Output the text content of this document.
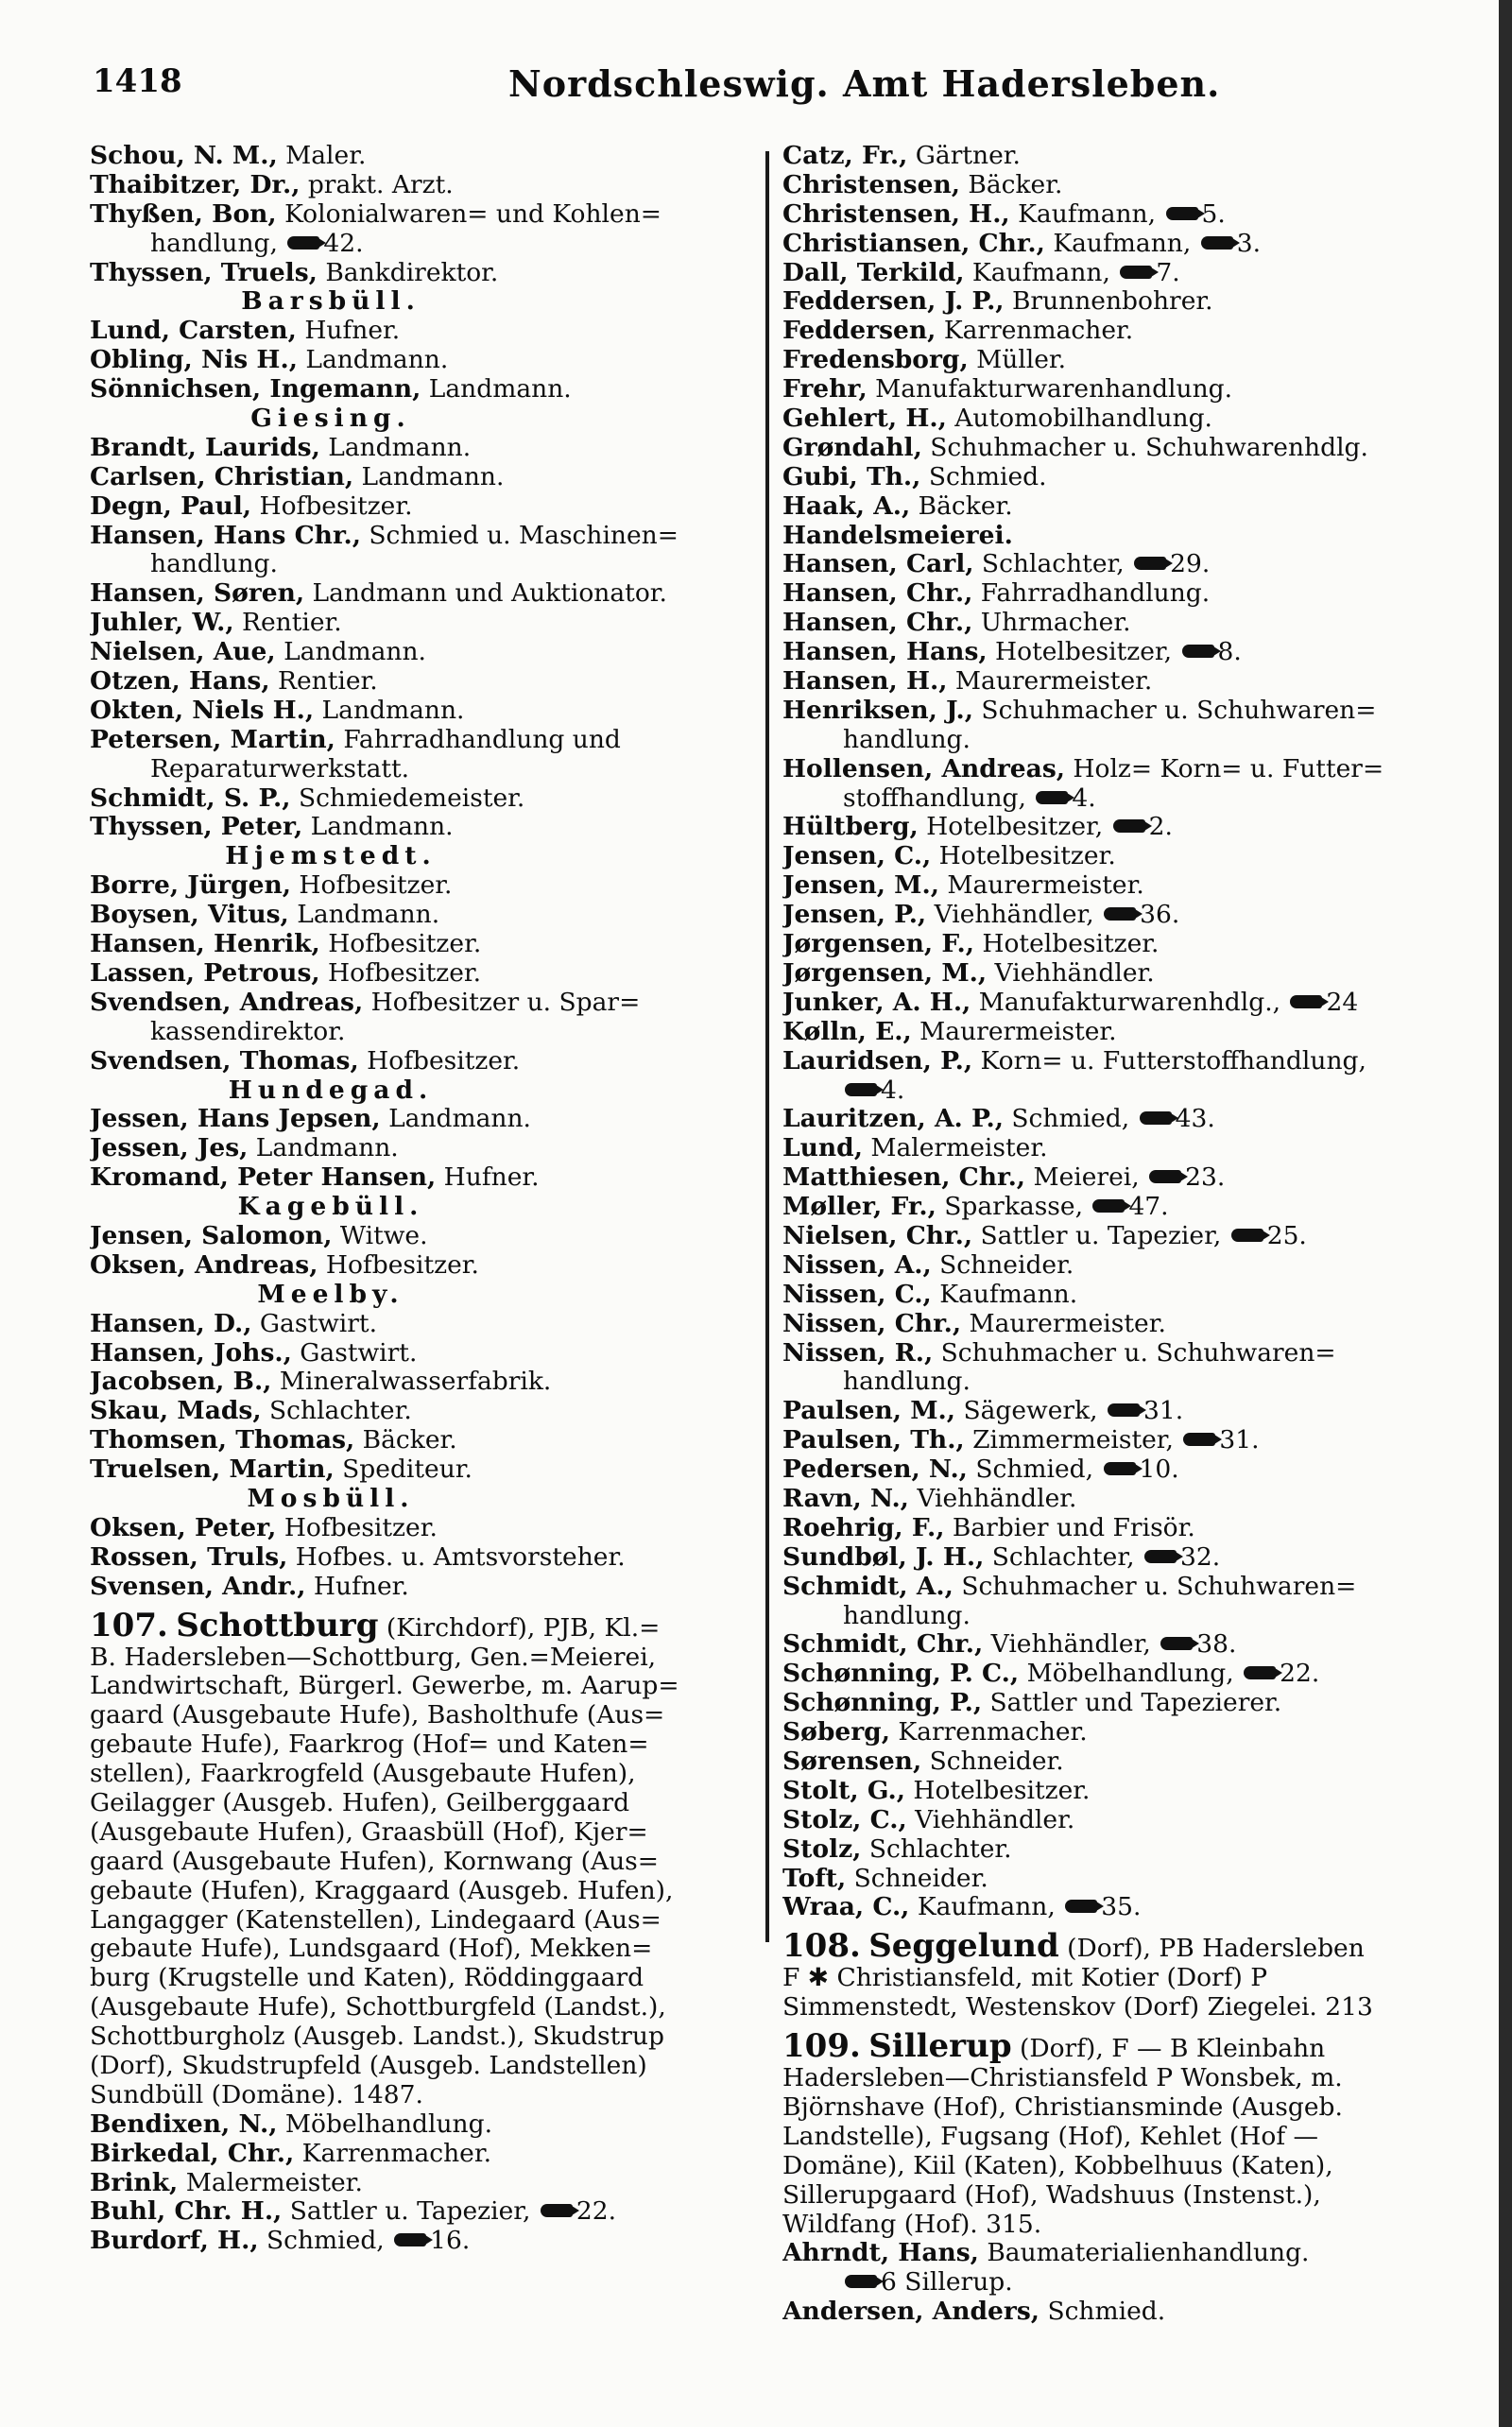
1418	Nordschleswig. Amt Hadersleben.
Schou, N. M., Maler.
Thaibitzer, Dr., prakt. Arzt.
Thyßen, Bon, Kolonialwaren= und Kohlen=
handlung, 42.
Thyssen, Truels, Bankdirektor.
Barsbüll.
Lund, Carsten, Hufner.
Obling, Nis H., Landmann.
Sönnichsen, Ingemann, Landmann.
Giesing.
Brandt, Laurids, Landmann.
Carlsen, Christian, Landmann.
Degn, Paul, Hofbesitzer.
Hansen, Hans Chr., Schmied u. Maschinen=
handlung.
Hansen, Søren, Landmann und Auktionator.
Juhler, W., Rentier.
Nielsen, Aue, Landmann.
Otzen, Hans, Rentier.
Okten, Niels H., Landmann.
Petersen, Martin, Fahrradhandlung und
Reparaturwerkstatt.
Schmidt, S. P., Schmiedemeister.
Thyssen, Peter, Landmann.
Hjemstedt.
Borre, Jürgen, Hofbesitzer.
Boysen, Vitus, Landmann.
Hansen, Henrik, Hofbesitzer.
Lassen, Petrous, Hofbesitzer.
Svendsen, Andreas, Hofbesitzer u. Spar=
kassendirektor.
Svendsen, Thomas, Hofbesitzer.
Hundegad.
Jessen, Hans Jepsen, Landmann.
Jessen, Jes, Landmann.
Kromand, Peter Hansen, Hufner.
Kagebüll.
Jensen, Salomon, Witwe.
Oksen, Andreas, Hofbesitzer.
Meelby.
Hansen, D., Gastwirt.
Hansen, Johs., Gastwirt.
Jacobsen, B., Mineralwasserfabrik.
Skau, Mads, Schlachter.
Thomsen, Thomas, Bäcker.
Truelsen, Martin, Spediteur.
Mosbüll.
Oksen, Peter, Hofbesitzer.
Rossen, Truls, Hofbes. u. Amtsvorsteher.
Svensen, Andr., Hufner.
107. Schottburg (Kirchdorf), PJB, Kl.=
B. Hadersleben—Schottburg, Gen.=Meierei,
Landwirtschaft, Bürgerl. Gewerbe, m. Aarup=
gaard (Ausgebaute Hufe), Basholthufe (Aus=
gebaute Hufe), Faarkrog (Hof= und Katen=
stellen), Faarkrogfeld (Ausgebaute Hufen),
Geilagger (Ausgeb. Hufen), Geilberggaard
(Ausgebaute Hufen), Graasbüll (Hof), Kjer=
gaard (Ausgebaute Hufen), Kornwang (Aus=
gebaute (Hufen), Kraggaard (Ausgeb. Hufen),
Langagger (Katenstellen), Lindegaard (Aus=
gebaute Hufe), Lundsgaard (Hof), Mekken=
burg (Krugstelle und Katen), Röddinggaard
(Ausgebaute Hufe), Schottburgfeld (Landst.),
Schottburgholz (Ausgeb. Landst.), Skudstrup
(Dorf), Skudstrupfeld (Ausgeb. Landstellen)
Sundbüll (Domäne). 1487.
Bendixen, N., Möbelhandlung.
Birkedal, Chr., Karrenmacher.
Brink, Malermeister.
Buhl, Chr. H., Sattler u. Tapezier, 22.
Burdorf, H., Schmied, 16.
Catz, Fr., Gärtner.
Christensen, Bäcker.
Christensen, H., Kaufmann, 5.
Christiansen, Chr., Kaufmann, 3.
Dall, Terkild, Kaufmann, 7.
Feddersen, J. P., Brunnenbohrer.
Feddersen, Karrenmacher.
Fredensborg, Müller.
Frehr, Manufakturwarenhandlung.
Gehlert, H., Automobilhandlung.
Grøndahl, Schuhmacher u. Schuhwarenhdlg.
Gubi, Th., Schmied.
Haak, A., Bäcker.
Handelsmeierei.
Hansen, Carl, Schlachter, 29.
Hansen, Chr., Fahrradhandlung.
Hansen, Chr., Uhrmacher.
Hansen, Hans, Hotelbesitzer, 8.
Hansen, H., Maurermeister.
Henriksen, J., Schuhmacher u. Schuhwaren=
handlung.
Hollensen, Andreas, Holz= Korn= u. Futter=
stoffhandlung, 4.
Hültberg, Hotelbesitzer, 2.
Jensen, C., Hotelbesitzer.
Jensen, M., Maurermeister.
Jensen, P., Viehhändler, 36.
Jørgensen, F., Hotelbesitzer.
Jørgensen, M., Viehhändler.
Junker, A. H., Manufakturwarenhdlg., 24
Kølln, E., Maurermeister.
Lauridsen, P., Korn= u. Futterstoffhandlung,
4.
Lauritzen, A. P., Schmied, 43.
Lund, Malermeister.
Matthiesen, Chr., Meierei, 23.
Møller, Fr., Sparkasse, 47.
Nielsen, Chr., Sattler u. Tapezier, 25.
Nissen, A., Schneider.
Nissen, C., Kaufmann.
Nissen, Chr., Maurermeister.
Nissen, R., Schuhmacher u. Schuhwaren=
handlung.
Paulsen, M., Sägewerk, 31.
Paulsen, Th., Zimmermeister, 31.
Pedersen, N., Schmied, 10.
Ravn, N., Viehhändler.
Roehrig, F., Barbier und Frisör.
Sundbøl, J. H., Schlachter, 32.
Schmidt, A., Schuhmacher u. Schuhwaren=
handlung.
Schmidt, Chr., Viehhändler, 38.
Schønning, P. C., Möbelhandlung, 22.
Schønning, P., Sattler und Tapezierer.
Søberg, Karrenmacher.
Sørensen, Schneider.
Stolt, G., Hotelbesitzer.
Stolz, C., Viehhändler.
Stolz, Schlachter.
Toft, Schneider.
Wraa, C., Kaufmann, 35.
108. Seggelund (Dorf), PB Hadersleben
F ✱ Christiansfeld, mit Kotier (Dorf) P
Simmenstedt, Westenskov (Dorf) Ziegelei. 213
109. Sillerup (Dorf), F — B Kleinbahn
Hadersleben—Christiansfeld P Wonsbek, m.
Björnshave (Hof), Christiansminde (Ausgeb.
Landstelle), Fugsang (Hof), Kehlet (Hof —
Domäne), Kiil (Katen), Kobbelhuus (Katen),
Sillerupgaard (Hof), Wadshuus (Instenst.),
Wildfang (Hof). 315.
Ahrndt, Hans, Baumaterialienhandlung.
6 Sillerup.
Andersen, Anders, Schmied.
